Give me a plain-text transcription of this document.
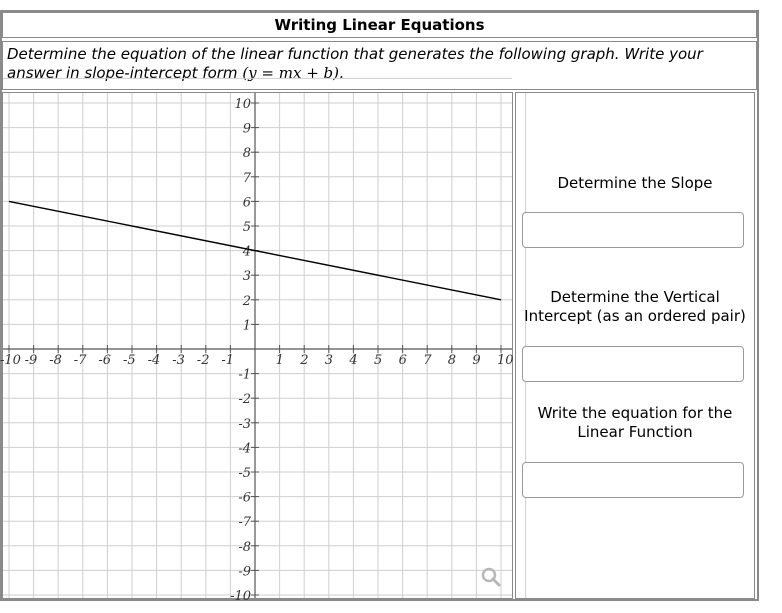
Writing Linear Equations
Determine the equation of the linear function that generates the following graph. Write your answer in slope-intercept form (y = mx + b).
-10 -9 -8 -7 -6 -5 -4 -3 -2 -1	1 2 3 4 5 6 7 8 9 10
10
9
8
7
6
5
4
3
2
1
-1
-2
-3
-4
-5
-6
-7
-8
-9
-10
Determine the Slope
Determine the Vertical Intercept (as an ordered pair)
Write the equation for the Linear Function
